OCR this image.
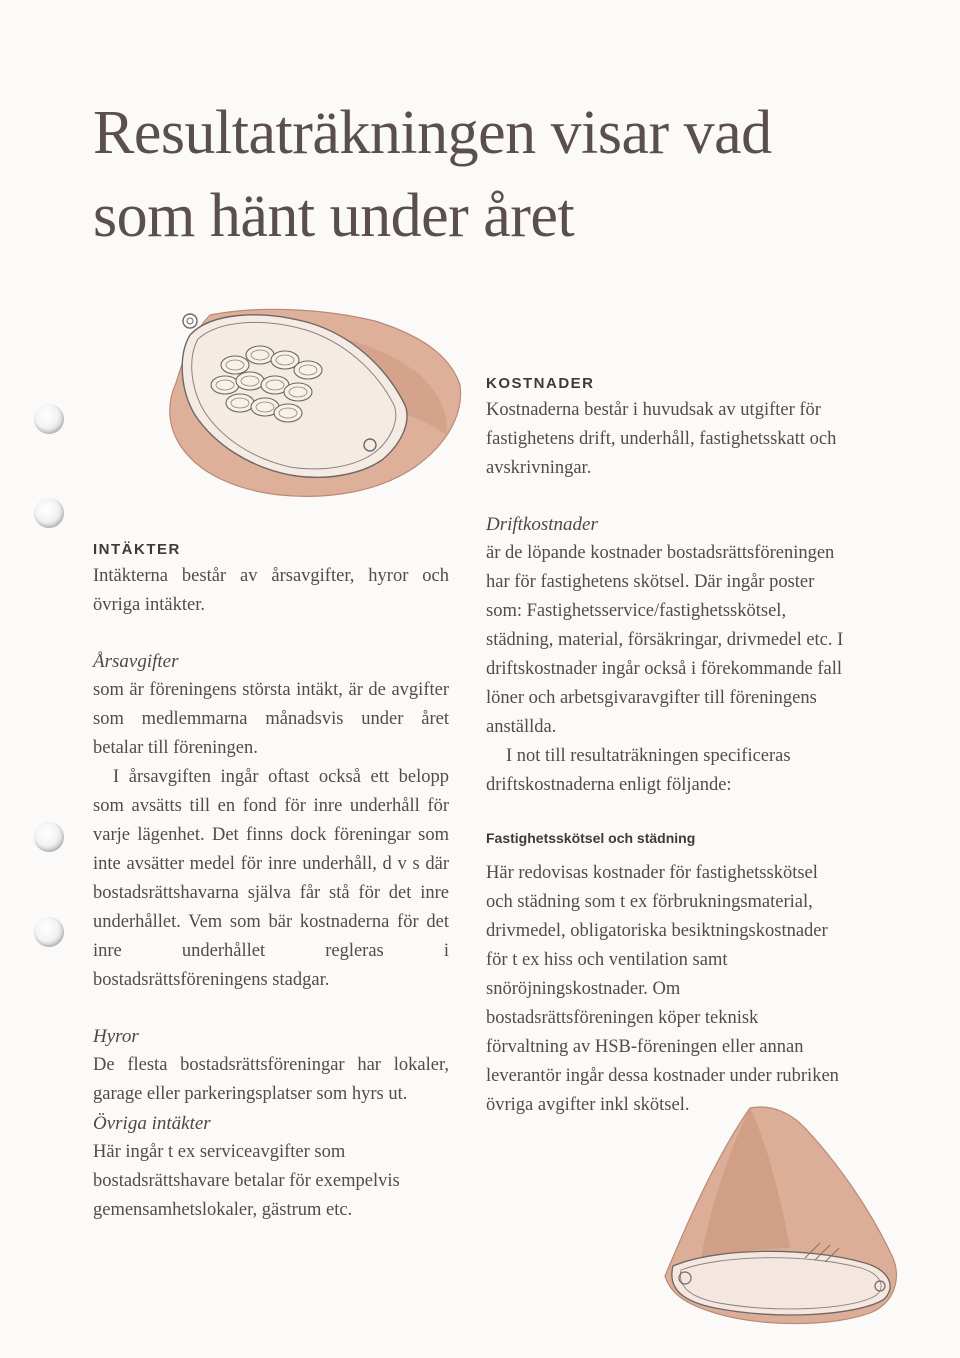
Resultaträkningen visar vad
som hänt under året
INTÄKTER

Intäkterna består av årsavgifter, hyror och övriga intäkter.

Årsavgifter

som är föreningens största intäkt, är de avgifter som medlemmarna månadsvis under året betalar till föreningen.

I årsavgiften ingår oftast också ett belopp som avsätts till en fond för inre underhåll för varje lägenhet. Det finns dock föreningar som inte avsätter medel för inre underhåll, d v s där bostadsrättshavarna själva får stå för det inre underhållet. Vem som bär kostnaderna för det inre underhållet regleras i bostadsrättsföreningens stadgar.

Hyror

De flesta bostadsrättsföreningar har lokaler, garage eller parkeringsplatser som hyrs ut.

Övriga intäkter

Här ingår t ex serviceavgifter som bostadsrättshavare betalar för exempelvis gemensamhetslokaler, gästrum etc.

KOSTNADER

Kostnaderna består i huvudsak av utgifter för fastighetens drift, underhåll, fastighetsskatt och avskrivningar.

Driftkostnader

är de löpande kostnader bostadsrättsföreningen har för fastighetens skötsel. Där ingår poster som: Fastighetsservice/fastighetsskötsel, städning, material, försäkringar, drivmedel etc. I driftskostnader ingår också i förekommande fall löner och arbetsgivaravgifter till föreningens anställda.

I not till resultaträkningen specificeras driftskostnaderna enligt följande:

Fastighetsskötsel och städning

Här redovisas kostnader för fastighetsskötsel och städning som t ex förbrukningsmaterial, drivmedel, obligatoriska besiktningskostnader för t ex hiss och ventilation samt snöröjningskostnader. Om bostadsrättsföreningen köper teknisk förvaltning av HSB-föreningen eller annan leverantör ingår dessa kostnader under rubriken övriga avgifter inkl skötsel.
